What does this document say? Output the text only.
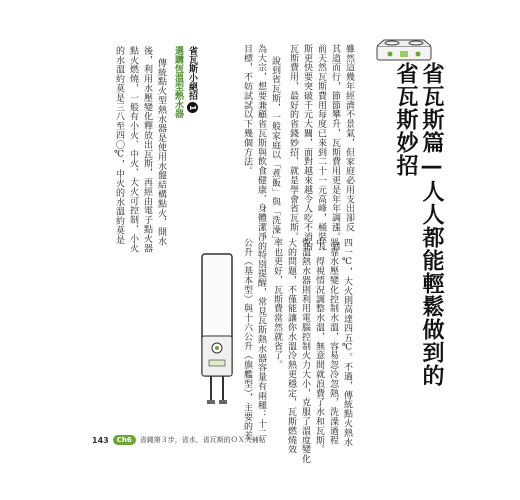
省瓦斯篇—人人都能輕鬆做到的省瓦斯妙招
雖然這幾年經濟不景氣，但家庭必用支出卻反
其道而行，節節攀升，瓦斯費用更是年年調漲。目
前天然瓦斯費用每度已來到二十一元高峰，桶裝瓦
斯更快要突破千元大關，面對越來越令人吃不消的
瓦斯費用，最好的省錢妙招，就是學會省瓦斯。
說到省瓦斯，一般家庭以「煮飯」與「洗澡」
為大宗，想要兼顧省瓦斯與飲食健康、身體潔淨的
目標，不妨試試以下幾個方法。
省瓦斯小絕招1
選購恆溫型熱水器
傳統點火型熱水器是使用水盤結構點火，開水
後，利用水壓變化釋放出瓦斯，再經由電子點火器
點火燃燒，一般有小火、中火、大火可控制，小火
的水溫約莫是三八至四〇℃，中火的水溫約莫是
四一℃，大火則高達四五℃。不過，傳統點火熱水
器靠水壓變化控制水溫，容易忽冷忽熱，洗澡過程
中，得視情況調整水溫，無意間就浪費了水和瓦斯。
恆溫熱水器則利用電腦控制火力大小，克服了溫度變化
大的問題，不僅能讓你水溫冷熱更穩定，瓦斯燃燒效
率也更好，瓦斯費當然就省了。
特別提醒，常見瓦斯熱水器容量有兩種：十二
公升（基本型）與十六公升（旗艦型），主要的差
143	Ch6	省錢第３步，省水，省瓦斯的ＯＸ大補帖
